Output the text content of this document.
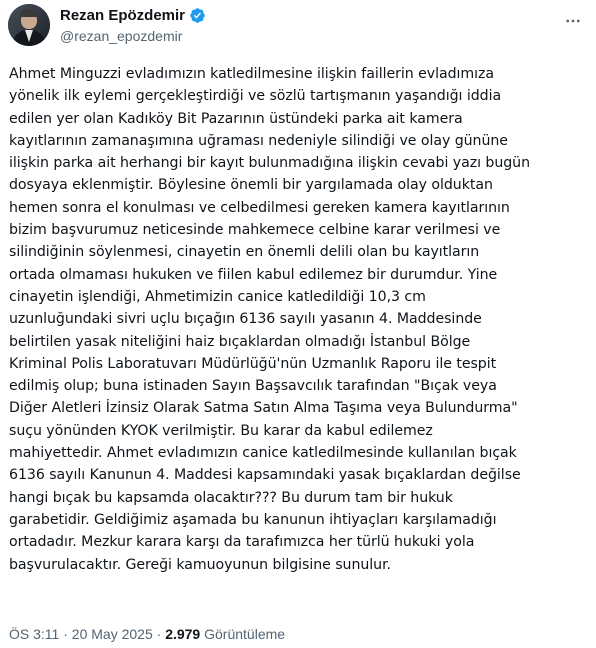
Rezan Epözdemir
@rezan_epozdemir
Ahmet Minguzzi evladımızın katledilmesine ilişkin faillerin evladımıza
yönelik ilk eylemi gerçekleştirdiği ve sözlü tartışmanın yaşandığı iddia
edilen yer olan Kadıköy Bit Pazarının üstündeki parka ait kamera
kayıtlarının zamanaşımına uğraması nedeniyle silindiği ve olay gününe
ilişkin parka ait herhangi bir kayıt bulunmadığına ilişkin cevabi yazı bugün
dosyaya eklenmiştir. Böylesine önemli bir yargılamada olay olduktan
hemen sonra el konulması ve celbedilmesi gereken kamera kayıtlarının
bizim başvurumuz neticesinde mahkemece celbine karar verilmesi ve
silindiğinin söylenmesi, cinayetin en önemli delili olan bu kayıtların
ortada olmaması hukuken ve fiilen kabul edilemez bir durumdur. Yine
cinayetin işlendiği, Ahmetimizin canice katledildiği 10,3 cm
uzunluğundaki sivri uçlu bıçağın 6136 sayılı yasanın 4. Maddesinde
belirtilen yasak niteliğini haiz bıçaklardan olmadığı İstanbul Bölge
Kriminal Polis Laboratuvarı Müdürlüğü'nün Uzmanlık Raporu ile tespit
edilmiş olup; buna istinaden Sayın Başsavcılık tarafından "Bıçak veya
Diğer Aletleri İzinsiz Olarak Satma Satın Alma Taşıma veya Bulundurma"
suçu yönünden KYOK verilmiştir. Bu karar da kabul edilemez
mahiyettedir. Ahmet evladımızın canice katledilmesinde kullanılan bıçak
6136 sayılı Kanunun 4. Maddesi kapsamındaki yasak bıçaklardan değilse
hangi bıçak bu kapsamda olacaktır??? Bu durum tam bir hukuk
garabetidir. Geldiğimiz aşamada bu kanunun ihtiyaçları karşılamadığı
ortadadır. Mezkur karara karşı da tarafımızca her türlü hukuki yola
başvurulacaktır. Gereği kamuoyunun bilgisine sunulur.
ÖS 3:11 · 20 May 2025 · 2.979 Görüntüleme
